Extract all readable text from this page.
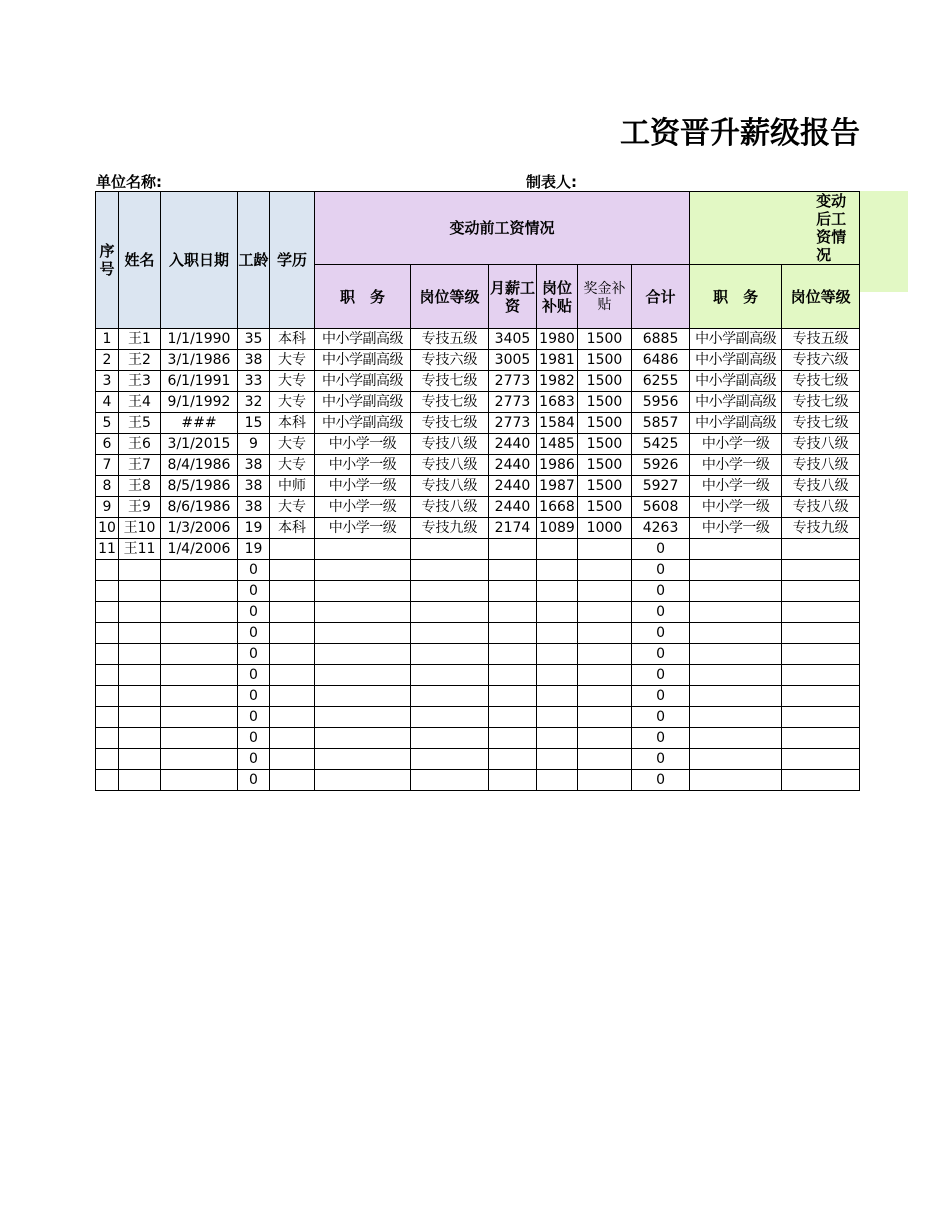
工资晋升薪级报告
单位名称:	制表人:
序号	姓名	入职日期	工龄	学历	变动前工资情况						变动后工资情况	
					职　务	岗位等级	月薪工资	岗位补贴	奖金补贴	合计	职　务	岗位等级
1	王1	1/1/1990	35	本科	中小学副高级	专技五级	3405	1980	1500	6885	中小学副高级	专技五级
2	王2	3/1/1986	38	大专	中小学副高级	专技六级	3005	1981	1500	6486	中小学副高级	专技六级
3	王3	6/1/1991	33	大专	中小学副高级	专技七级	2773	1982	1500	6255	中小学副高级	专技七级
4	王4	9/1/1992	32	大专	中小学副高级	专技七级	2773	1683	1500	5956	中小学副高级	专技七级
5	王5	###	15	本科	中小学副高级	专技七级	2773	1584	1500	5857	中小学副高级	专技七级
6	王6	3/1/2015	9	大专	中小学一级	专技八级	2440	1485	1500	5425	中小学一级	专技八级
7	王7	8/4/1986	38	大专	中小学一级	专技八级	2440	1986	1500	5926	中小学一级	专技八级
8	王8	8/5/1986	38	中师	中小学一级	专技八级	2440	1987	1500	5927	中小学一级	专技八级
9	王9	8/6/1986	38	大专	中小学一级	专技八级	2440	1668	1500	5608	中小学一级	专技八级
10	王10	1/3/2006	19	本科	中小学一级	专技九级	2174	1089	1000	4263	中小学一级	专技九级
11	王11	1/4/2006	19							0		
			0							0		
			0							0		
			0							0		
			0							0		
			0							0		
			0							0		
			0							0		
			0							0		
			0							0		
			0							0		
			0							0		
